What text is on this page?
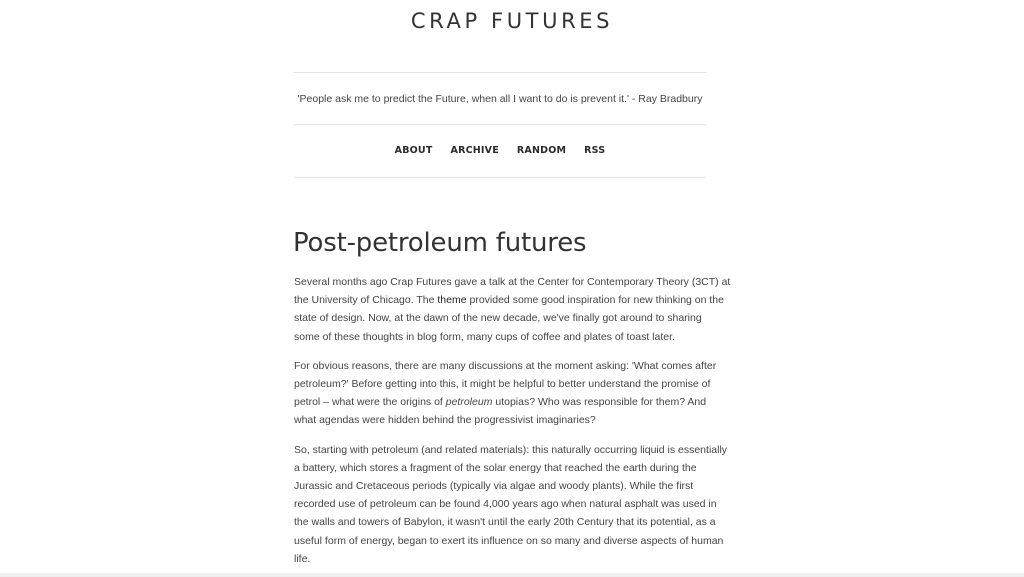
CRAP FUTURES
'People ask me to predict the Future, when all I want to do is prevent it.' - Ray Bradbury
ABOUT ARCHIVE RANDOM RSS
Post-petroleum futures

Several months ago Crap Futures gave a talk at the Center for Contemporary Theory (3CT) at
the University of Chicago. The theme provided some good inspiration for new thinking on the
state of design. Now, at the dawn of the new decade, we've finally got around to sharing
some of these thoughts in blog form, many cups of coffee and plates of toast later.

For obvious reasons, there are many discussions at the moment asking: 'What comes after
petroleum?' Before getting into this, it might be helpful to better understand the promise of
petrol – what were the origins of petroleum utopias? Who was responsible for them? And
what agendas were hidden behind the progressivist imaginaries?

So, starting with petroleum (and related materials): this naturally occurring liquid is essentially
a battery, which stores a fragment of the solar energy that reached the earth during the
Jurassic and Cretaceous periods (typically via algae and woody plants). While the first
recorded use of petroleum can be found 4,000 years ago when natural asphalt was used in
the walls and towers of Babylon, it wasn't until the early 20th Century that its potential, as a
useful form of energy, began to exert its influence on so many and diverse aspects of human
life.
